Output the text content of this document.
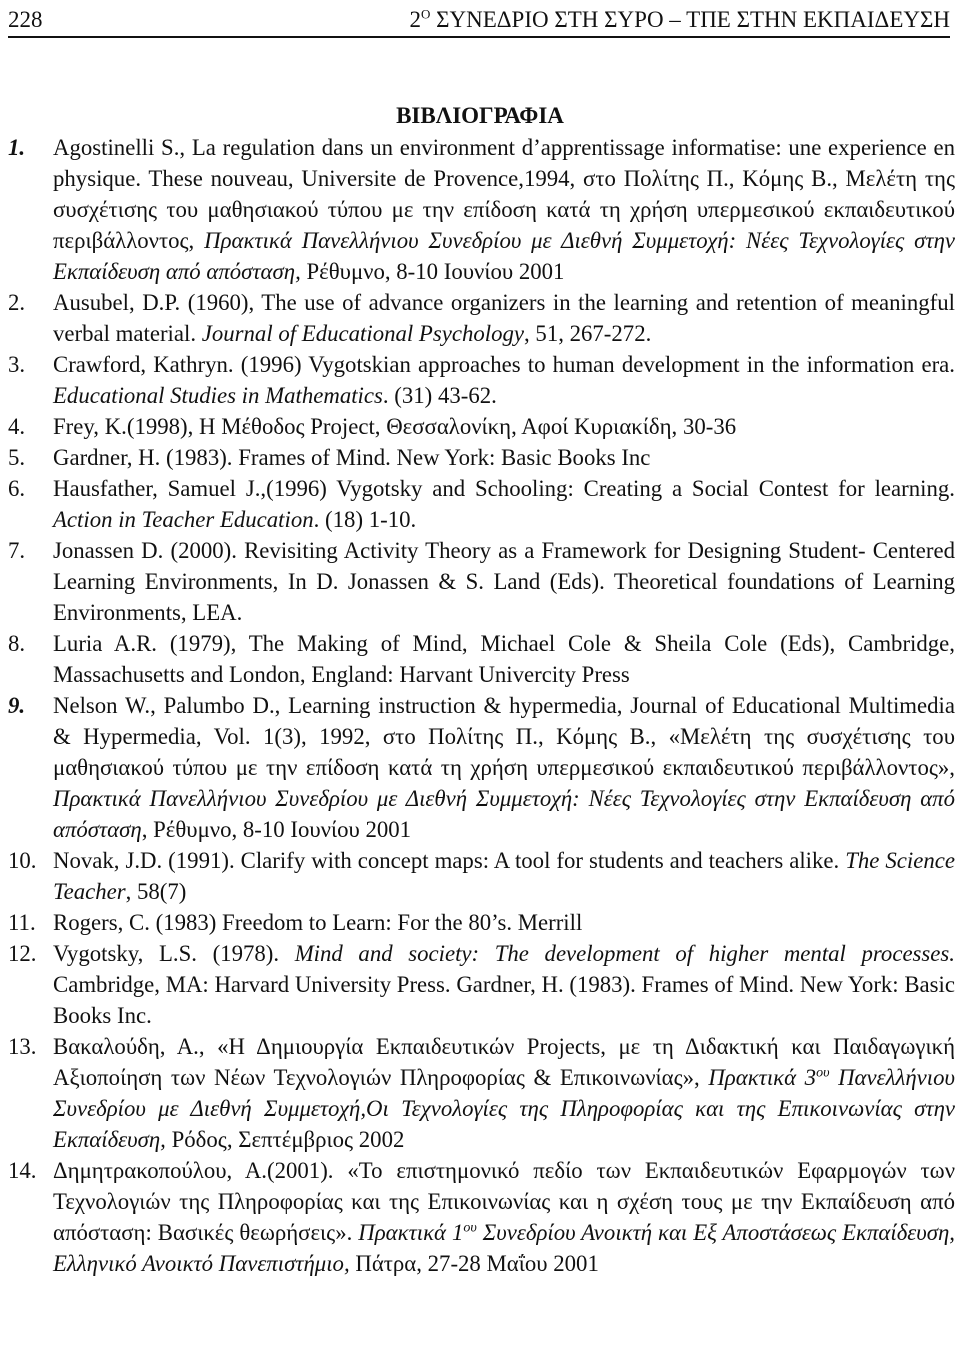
228	$2^O$ ΣΥΝΕΔΡΙΟ ΣΤΗ ΣΥΡΟ – ΤΠΕ ΣΤΗΝ ΕΚΠΑΙΔΕΥΣΗ
ΒΙΒΛΙΟΓΡΑΦΙΑ
1.	Agostinelli S., La regulation dans un environment d’apprentissage informatise: une experience en physique. These nouveau, Universite de Provence,1994, στο Πολίτης Π., Κόμης Β., Μελέτη της συσχέτισης του μαθησιακού τύπου με την επίδοση κατά τη χρήση υπερμεσικού εκπαιδευτικού περιβάλλοντος, Πρακτικά Πανελλήνιου Συνεδρίου με Διεθνή Συμμετοχή: Νέες Τεχνολογίες στην Εκπαίδευση από απόσταση, Ρέθυμνο, 8-10 Ιουνίου 2001
2.	Ausubel, D.P. (1960), The use of advance organizers in the learning and retention of meaningful verbal material. Journal of Educational Psychology, 51, 267-272.
3.	Crawford, Kathryn. (1996) Vygotskian approaches to human development in the information era. Educational Studies in Mathematics. (31) 43-62.
4.	Frey, K.(1998), Η Μέθοδος Project, Θεσσαλονίκη, Αφοί Κυριακίδη, 30-36
5.	Gardner, H. (1983). Frames of Mind. New York: Basic Books Inc
6.	Hausfather, Samuel J.,(1996) Vygotsky and Schooling: Creating a Social Contest for learning. Action in Teacher Education. (18) 1-10.
7.	Jonassen D. (2000). Revisiting Activity Theory as a Framework for Designing Student- Centered Learning Environments, In D. Jonassen & S. Land (Eds). Theoretical foundations of Learning Environments, LEA.
8.	Luria A.R. (1979), The Making of Mind, Michael Cole & Sheila Cole (Eds), Cambridge, Massachusetts and London, England: Harvant Univercity Press
9.	Nelson W., Palumbo D., Learning instruction & hypermedia, Journal of Educational Multimedia & Hypermedia, Vol. 1(3), 1992, στο Πολίτης Π., Κόμης Β., «Μελέτη της συσχέτισης του μαθησιακού τύπου με την επίδοση κατά τη χρήση υπερμεσικού εκπαιδευτικού περιβάλλοντος», Πρακτικά Πανελλήνιου Συνεδρίου με Διεθνή Συμμετοχή: Νέες Τεχνολογίες στην Εκπαίδευση από απόσταση, Ρέθυμνο, 8-10 Ιουνίου 2001
10. Novak, J.D. (1991). Clarify with concept maps: A tool for students and teachers alike. The Science Teacher, 58(7)
11. Rogers, C. (1983) Freedom to Learn: For the 80’s. Merrill
12. Vygotsky, L.S. (1978). Mind and society: The development of higher mental processes. Cambridge, MA: Harvard University Press. Gardner, H. (1983). Frames of Mind. New York: Basic Books Inc.
13. Βακαλούδη, Α., «Η Δημιουργία Εκπαιδευτικών Projects, με τη Διδακτική και Παιδαγωγική Αξιοποίηση των Νέων Τεχνολογιών Πληροφορίας & Επικοινωνίας», Πρακτικά $3^{o\upsilon}$ Πανελλήνιου Συνεδρίου με Διεθνή Συμμετοχή,Οι Τεχνολογίες της Πληροφορίας και της Επικοινωνίας στην Εκπαίδευση, Ρόδος, Σεπτέμβριος 2002
14. Δημητρακοπούλου, Α.(2001). «Το επιστημονικό πεδίο των Εκπαιδευτικών Εφαρμογών των Τεχνολογιών της Πληροφορίας και της Επικοινωνίας και η σχέση τους με την Εκπαίδευση από απόσταση: Βασικές θεωρήσεις». Πρακτικά $1^{o\upsilon}$ Συνεδρίου Ανοικτή και Εξ Αποστάσεως Εκπαίδευση, Ελληνικό Ανοικτό Πανεπιστήμιο, Πάτρα, 27-28 Μαΐου 2001
